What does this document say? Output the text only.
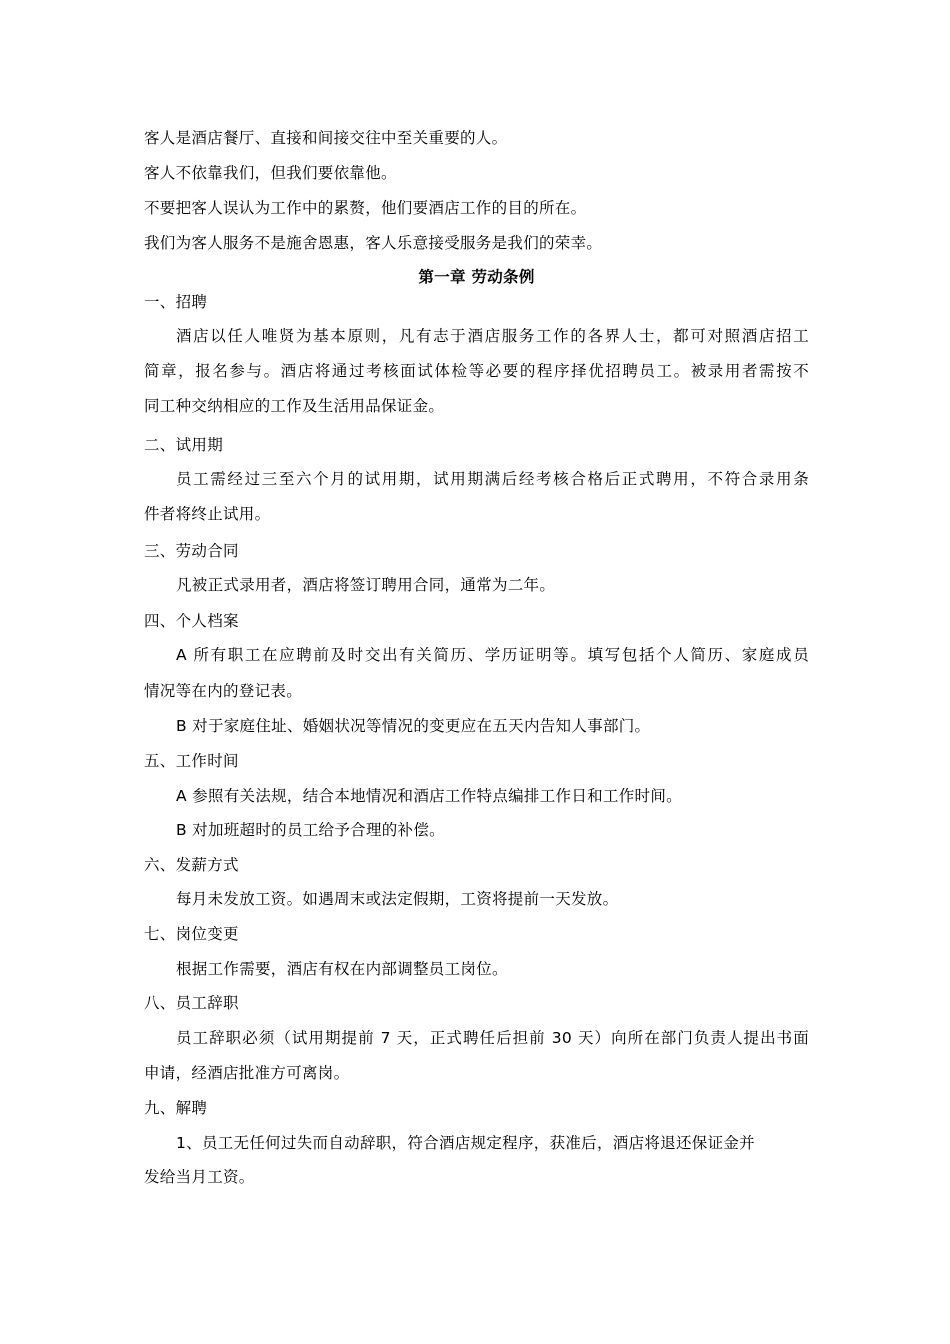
客人是酒店餐厅、直接和间接交往中至关重要的人。

客人不依靠我们，但我们要依靠他。

不要把客人误认为工作中的累赘，他们要酒店工作的目的所在。

我们为客人服务不是施舍恩惠，客人乐意接受服务是我们的荣幸。

第一章 劳动条例

一、招聘

酒店以任人唯贤为基本原则，凡有志于酒店服务工作的各界人士，都可对照酒店招工

简章，报名参与。酒店将通过考核面试体检等必要的程序择优招聘员工。被录用者需按不

同工种交纳相应的工作及生活用品保证金。

二、试用期

员工需经过三至六个月的试用期，试用期满后经考核合格后正式聘用，不符合录用条

件者将终止试用。

三、劳动合同

凡被正式录用者，酒店将签订聘用合同，通常为二年。

四、个人档案

A 所有职工在应聘前及时交出有关简历、学历证明等。填写包括个人简历、家庭成员

情况等在内的登记表。

B 对于家庭住址、婚姻状况等情况的变更应在五天内告知人事部门。

五、工作时间

A 参照有关法规，结合本地情况和酒店工作特点编排工作日和工作时间。

B 对加班超时的员工给予合理的补偿。

六、发薪方式

每月未发放工资。如遇周末或法定假期，工资将提前一天发放。

七、岗位变更

根据工作需要，酒店有权在内部调整员工岗位。

八、员工辞职

员工辞职必须（试用期提前 7 天，正式聘任后担前 30 天）向所在部门负责人提出书面

申请，经酒店批准方可离岗。

九、解聘

1、员工无任何过失而自动辞职，符合酒店规定程序，获准后，酒店将退还保证金并

发给当月工资。
